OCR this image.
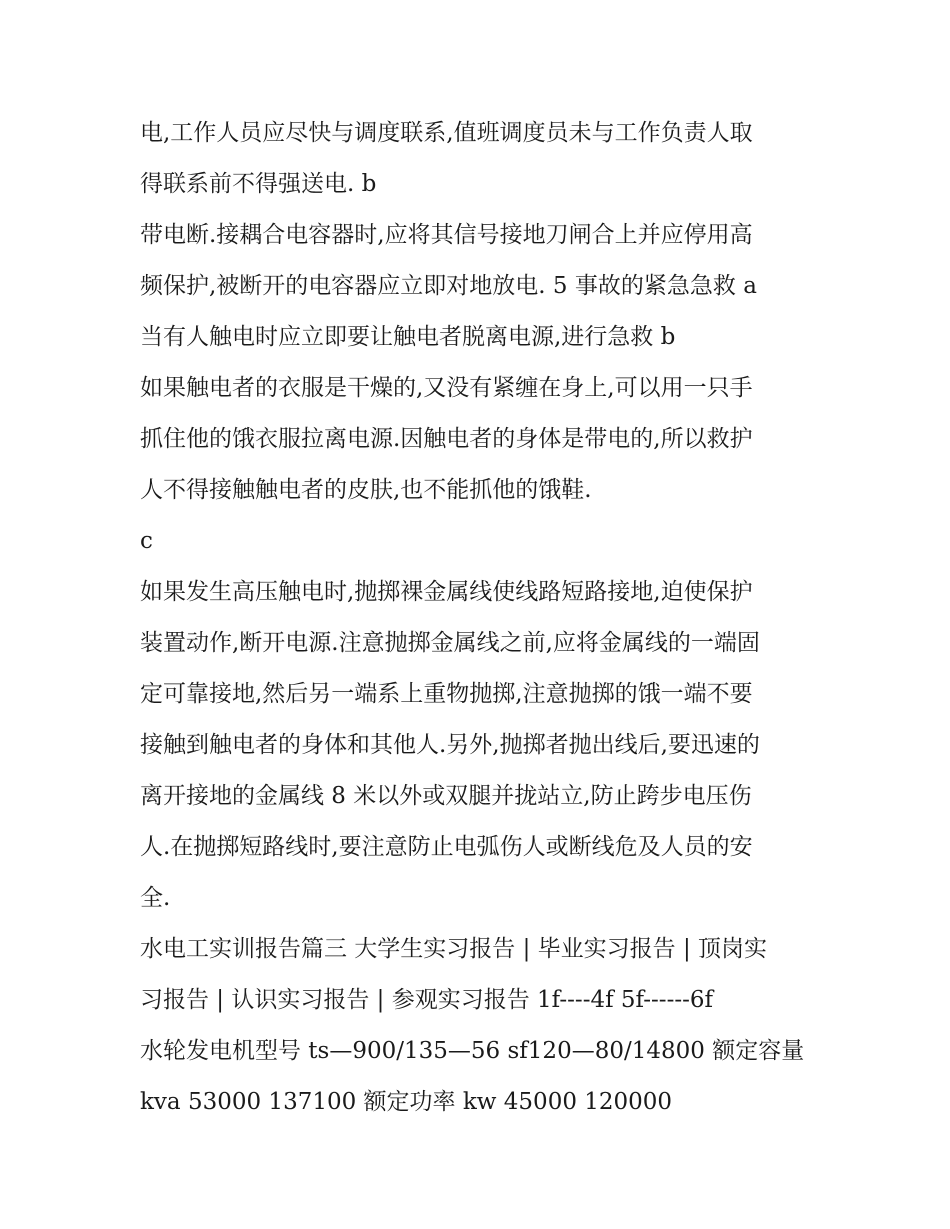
电,工作人员应尽快与调度联系,值班调度员未与工作负责人取
得联系前不得强送电. b
带电断.接耦合电容器时,应将其信号接地刀闸合上并应停用高
频保护,被断开的电容器应立即对地放电. 5 事故的紧急急救 a
当有人触电时应立即要让触电者脱离电源,进行急救 b
如果触电者的衣服是干燥的,又没有紧缠在身上,可以用一只手
抓住他的饿衣服拉离电源.因触电者的身体是带电的,所以救护
人不得接触触电者的皮肤,也不能抓他的饿鞋.
c
如果发生高压触电时,抛掷裸金属线使线路短路接地,迫使保护
装置动作,断开电源.注意抛掷金属线之前,应将金属线的一端固
定可靠接地,然后另一端系上重物抛掷,注意抛掷的饿一端不要
接触到触电者的身体和其他人.另外,抛掷者抛出线后,要迅速的
离开接地的金属线 8 米以外或双腿并拢站立,防止跨步电压伤
人.在抛掷短路线时,要注意防止电弧伤人或断线危及人员的安
全.
水电工实训报告篇三 大学生实习报告 | 毕业实习报告 | 顶岗实
习报告 | 认识实习报告 | 参观实习报告 1f----4f 5f------6f
水轮发电机型号 ts—900/135—56 sf120—80/14800 额定容量
kva 53000 137100 额定功率 kw 45000 120000
